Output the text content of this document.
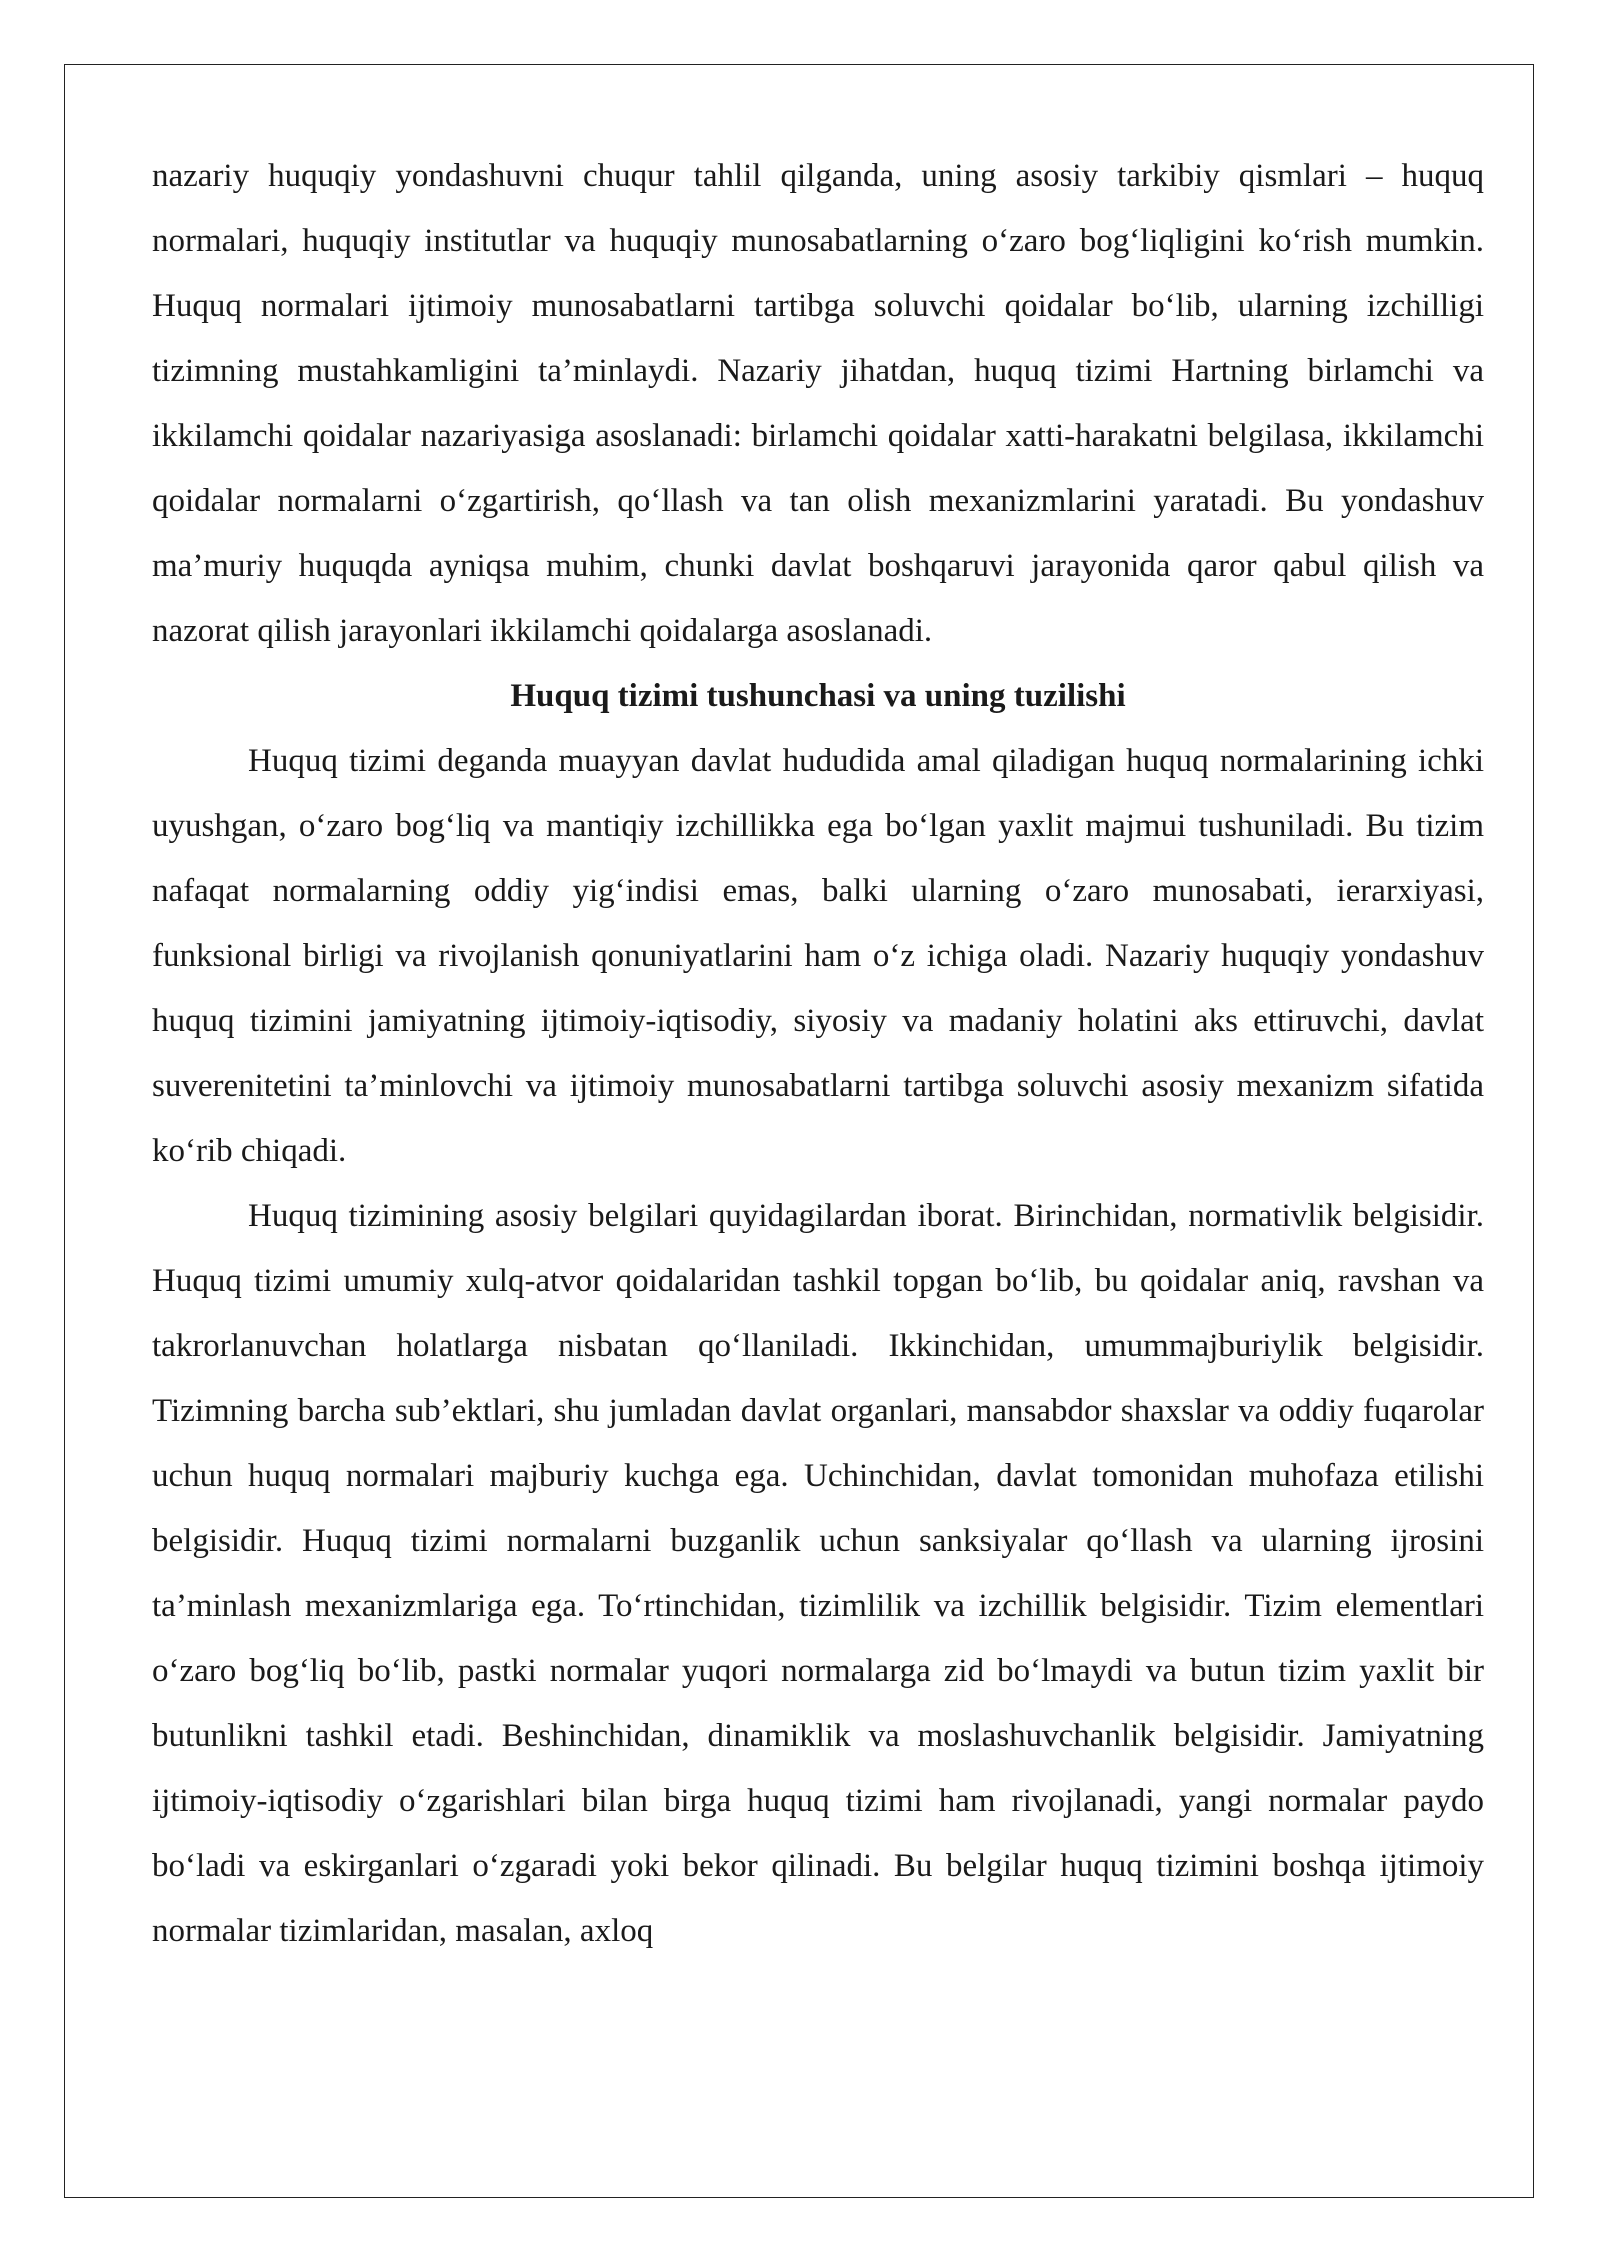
nazariy huquqiy yondashuvni chuqur tahlil qilganda, uning asosiy tarkibiy qismlari – huquq normalari, huquqiy institutlar va huquqiy munosabatlarning o‘zaro bog‘liqligini ko‘rish mumkin. Huquq normalari ijtimoiy munosabatlarni tartibga soluvchi qoidalar bo‘lib, ularning izchilligi tizimning mustahkamligini ta’minlaydi. Nazariy jihatdan, huquq tizimi Hartning birlamchi va ikkilamchi qoidalar nazariyasiga asoslanadi: birlamchi qoidalar xatti-harakatni belgilasa, ikkilamchi qoidalar normalarni o‘zgartirish, qo‘llash va tan olish mexanizmlarini yaratadi. Bu yondashuv ma’muriy huquqda ayniqsa muhim, chunki davlat boshqaruvi jarayonida qaror qabul qilish va nazorat qilish jarayonlari ikkilamchi qoidalarga asoslanadi.

Huquq tizimi tushunchasi va uning tuzilishi

Huquq tizimi deganda muayyan davlat hududida amal qiladigan huquq normalarining ichki uyushgan, o‘zaro bog‘liq va mantiqiy izchillikka ega bo‘lgan yaxlit majmui tushuniladi. Bu tizim nafaqat normalarning oddiy yig‘indisi emas, balki ularning o‘zaro munosabati, ierarxiyasi, funksional birligi va rivojlanish qonuniyatlarini ham o‘z ichiga oladi. Nazariy huquqiy yondashuv huquq tizimini jamiyatning ijtimoiy-iqtisodiy, siyosiy va madaniy holatini aks ettiruvchi, davlat suverenitetini ta’minlovchi va ijtimoiy munosabatlarni tartibga soluvchi asosiy mexanizm sifatida ko‘rib chiqadi.

Huquq tizimining asosiy belgilari quyidagilardan iborat. Birinchidan, normativlik belgisidir. Huquq tizimi umumiy xulq-atvor qoidalaridan tashkil topgan bo‘lib, bu qoidalar aniq, ravshan va takrorlanuvchan holatlarga nisbatan qo‘llaniladi. Ikkinchidan, umummajburiylik belgisidir. Tizimning barcha sub’ektlari, shu jumladan davlat organlari, mansabdor shaxslar va oddiy fuqarolar uchun huquq normalari majburiy kuchga ega. Uchinchidan, davlat tomonidan muhofaza etilishi belgisidir. Huquq tizimi normalarni buzganlik uchun sanksiyalar qo‘llash va ularning ijrosini ta’minlash mexanizmlariga ega. To‘rtinchidan, tizimlilik va izchillik belgisidir. Tizim elementlari o‘zaro bog‘liq bo‘lib, pastki normalar yuqori normalarga zid bo‘lmaydi va butun tizim yaxlit bir butunlikni tashkil etadi. Beshinchidan, dinamiklik va moslashuvchanlik belgisidir. Jamiyatning ijtimoiy-iqtisodiy o‘zgarishlari bilan birga huquq tizimi ham rivojlanadi, yangi normalar paydo bo‘ladi va eskirganlari o‘zgaradi yoki bekor qilinadi. Bu belgilar huquq tizimini boshqa ijtimoiy normalar tizimlaridan, masalan, axloq
